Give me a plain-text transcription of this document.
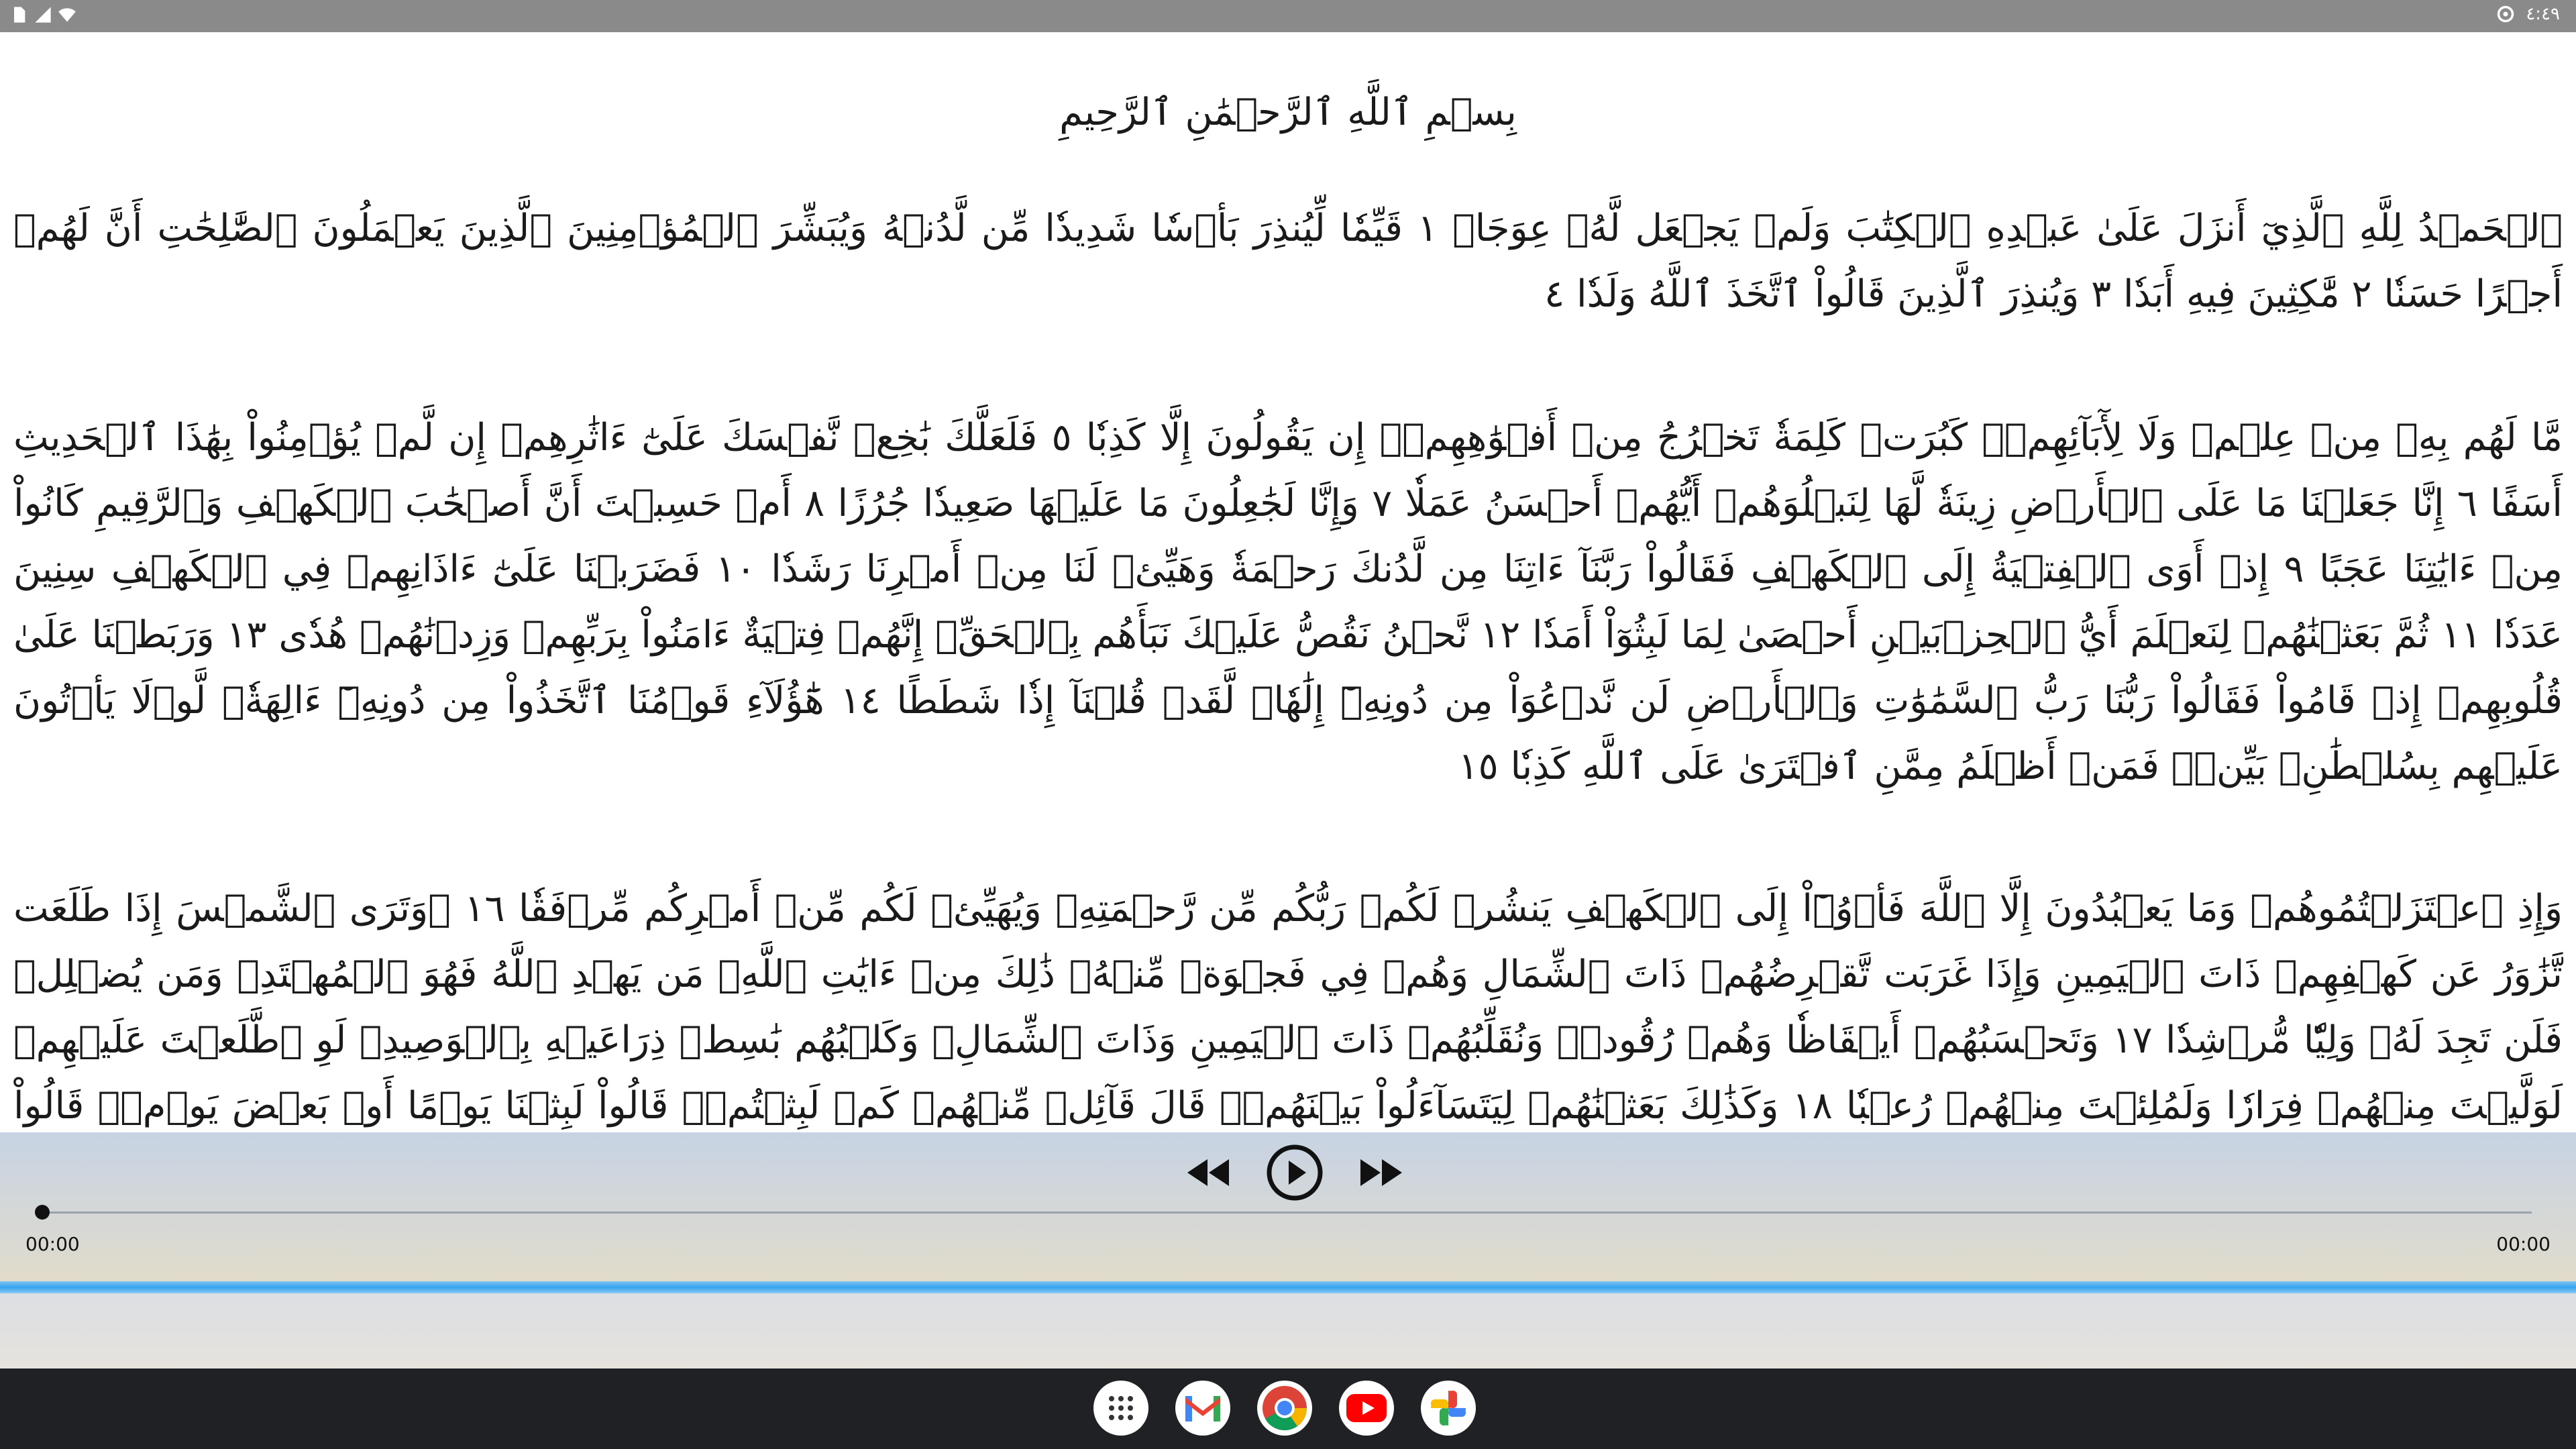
٤:٤٩
بِسۡمِ ٱللَّهِ ٱلرَّحۡمَٰنِ ٱلرَّحِيمِ
ٱلۡحَمۡدُ لِلَّهِ ٱلَّذِيٓ أَنزَلَ عَلَىٰ عَبۡدِهِ ٱلۡكِتَٰبَ وَلَمۡ يَجۡعَل لَّهُۥ عِوَجَاۜ ١ قَيِّمٗا لِّيُنذِرَ بَأۡسٗا شَدِيدٗا مِّن لَّدُنۡهُ وَيُبَشِّرَ ٱلۡمُؤۡمِنِينَ ٱلَّذِينَ يَعۡمَلُونَ ٱلصَّٰلِحَٰتِ أَنَّ لَهُمۡ أَجۡرًا حَسَنٗا ٢ مَّٰكِثِينَ فِيهِ أَبَدٗا ٣ وَيُنذِرَ ٱلَّذِينَ قَالُواْ ٱتَّخَذَ ٱللَّهُ وَلَدٗا ٤
مَّا لَهُم بِهِۦ مِنۡ عِلۡمٖ وَلَا لِأٓبَآئِهِمۡۚ كَبُرَتۡ كَلِمَةٗ تَخۡرُجُ مِنۡ أَفۡوَٰهِهِمۡۚ إِن يَقُولُونَ إِلَّا كَذِبٗا ٥ فَلَعَلَّكَ بَٰخِعٞ نَّفۡسَكَ عَلَىٰٓ ءَاثَٰرِهِمۡ إِن لَّمۡ يُؤۡمِنُواْ بِهَٰذَا ٱلۡحَدِيثِ أَسَفًا ٦ إِنَّا جَعَلۡنَا مَا عَلَى ٱلۡأَرۡضِ زِينَةٗ لَّهَا لِنَبۡلُوَهُمۡ أَيُّهُمۡ أَحۡسَنُ عَمَلٗا ٧ وَإِنَّا لَجَٰعِلُونَ مَا عَلَيۡهَا صَعِيدٗا جُرُزًا ٨ أَمۡ حَسِبۡتَ أَنَّ أَصۡحَٰبَ ٱلۡكَهۡفِ وَٱلرَّقِيمِ كَانُواْ مِنۡ ءَايَٰتِنَا عَجَبًا ٩ إِذۡ أَوَى ٱلۡفِتۡيَةُ إِلَى ٱلۡكَهۡفِ فَقَالُواْ رَبَّنَآ ءَاتِنَا مِن لَّدُنكَ رَحۡمَةٗ وَهَيِّئۡ لَنَا مِنۡ أَمۡرِنَا رَشَدٗا ١٠ فَضَرَبۡنَا عَلَىٰٓ ءَاذَانِهِمۡ فِي ٱلۡكَهۡفِ سِنِينَ عَدَدٗا ١١ ثُمَّ بَعَثۡنَٰهُمۡ لِنَعۡلَمَ أَيُّ ٱلۡحِزۡبَيۡنِ أَحۡصَىٰ لِمَا لَبِثُوٓاْ أَمَدٗا ١٢ نَّحۡنُ نَقُصُّ عَلَيۡكَ نَبَأَهُم بِٱلۡحَقِّۚ إِنَّهُمۡ فِتۡيَةٌ ءَامَنُواْ بِرَبِّهِمۡ وَزِدۡنَٰهُمۡ هُدٗى ١٣ وَرَبَطۡنَا عَلَىٰ قُلُوبِهِمۡ إِذۡ قَامُواْ فَقَالُواْ رَبُّنَا رَبُّ ٱلسَّمَٰوَٰتِ وَٱلۡأَرۡضِ لَن نَّدۡعُوَاْ مِن دُونِهِۦٓ إِلَٰهٗاۖ لَّقَدۡ قُلۡنَآ إِذٗا شَطَطًا ١٤ هَٰٓؤُلَآءِ قَوۡمُنَا ٱتَّخَذُواْ مِن دُونِهِۦٓ ءَالِهَةٗۖ لَّوۡلَا يَأۡتُونَ عَلَيۡهِم بِسُلۡطَٰنِۭ بَيِّنٖۖ فَمَنۡ أَظۡلَمُ مِمَّنِ ٱفۡتَرَىٰ عَلَى ٱللَّهِ كَذِبٗا ١٥
وَإِذِ ٱعۡتَزَلۡتُمُوهُمۡ وَمَا يَعۡبُدُونَ إِلَّا ٱللَّهَ فَأۡوُۥٓاْ إِلَى ٱلۡكَهۡفِ يَنشُرۡ لَكُمۡ رَبُّكُم مِّن رَّحۡمَتِهِۦ وَيُهَيِّئۡ لَكُم مِّنۡ أَمۡرِكُم مِّرۡفَقٗا ١٦ ۞وَتَرَى ٱلشَّمۡسَ إِذَا طَلَعَت تَّزَٰوَرُ عَن كَهۡفِهِمۡ ذَاتَ ٱلۡيَمِينِ وَإِذَا غَرَبَت تَّقۡرِضُهُمۡ ذَاتَ ٱلشِّمَالِ وَهُمۡ فِي فَجۡوَةٖ مِّنۡهُۚ ذَٰلِكَ مِنۡ ءَايَٰتِ ٱللَّهِۗ مَن يَهۡدِ ٱللَّهُ فَهُوَ ٱلۡمُهۡتَدِۖ وَمَن يُضۡلِلۡ فَلَن تَجِدَ لَهُۥ وَلِيّٗا مُّرۡشِدٗا ١٧ وَتَحۡسَبُهُمۡ أَيۡقَاظٗا وَهُمۡ رُقُودٞۚ وَنُقَلِّبُهُمۡ ذَاتَ ٱلۡيَمِينِ وَذَاتَ ٱلشِّمَالِۖ وَكَلۡبُهُم بَٰسِطٞ ذِرَاعَيۡهِ بِٱلۡوَصِيدِۚ لَوِ ٱطَّلَعۡتَ عَلَيۡهِمۡ لَوَلَّيۡتَ مِنۡهُمۡ فِرَارٗا وَلَمُلِئۡتَ مِنۡهُمۡ رُعۡبٗا ١٨ وَكَذَٰلِكَ بَعَثۡنَٰهُمۡ لِيَتَسَآءَلُواْ بَيۡنَهُمۡۚ قَالَ قَآئِلٞ مِّنۡهُمۡ كَمۡ لَبِثۡتُمۡۖ قَالُواْ لَبِثۡنَا يَوۡمًا أَوۡ بَعۡضَ يَوۡمٖۚ قَالُواْ
00:00	00:00
